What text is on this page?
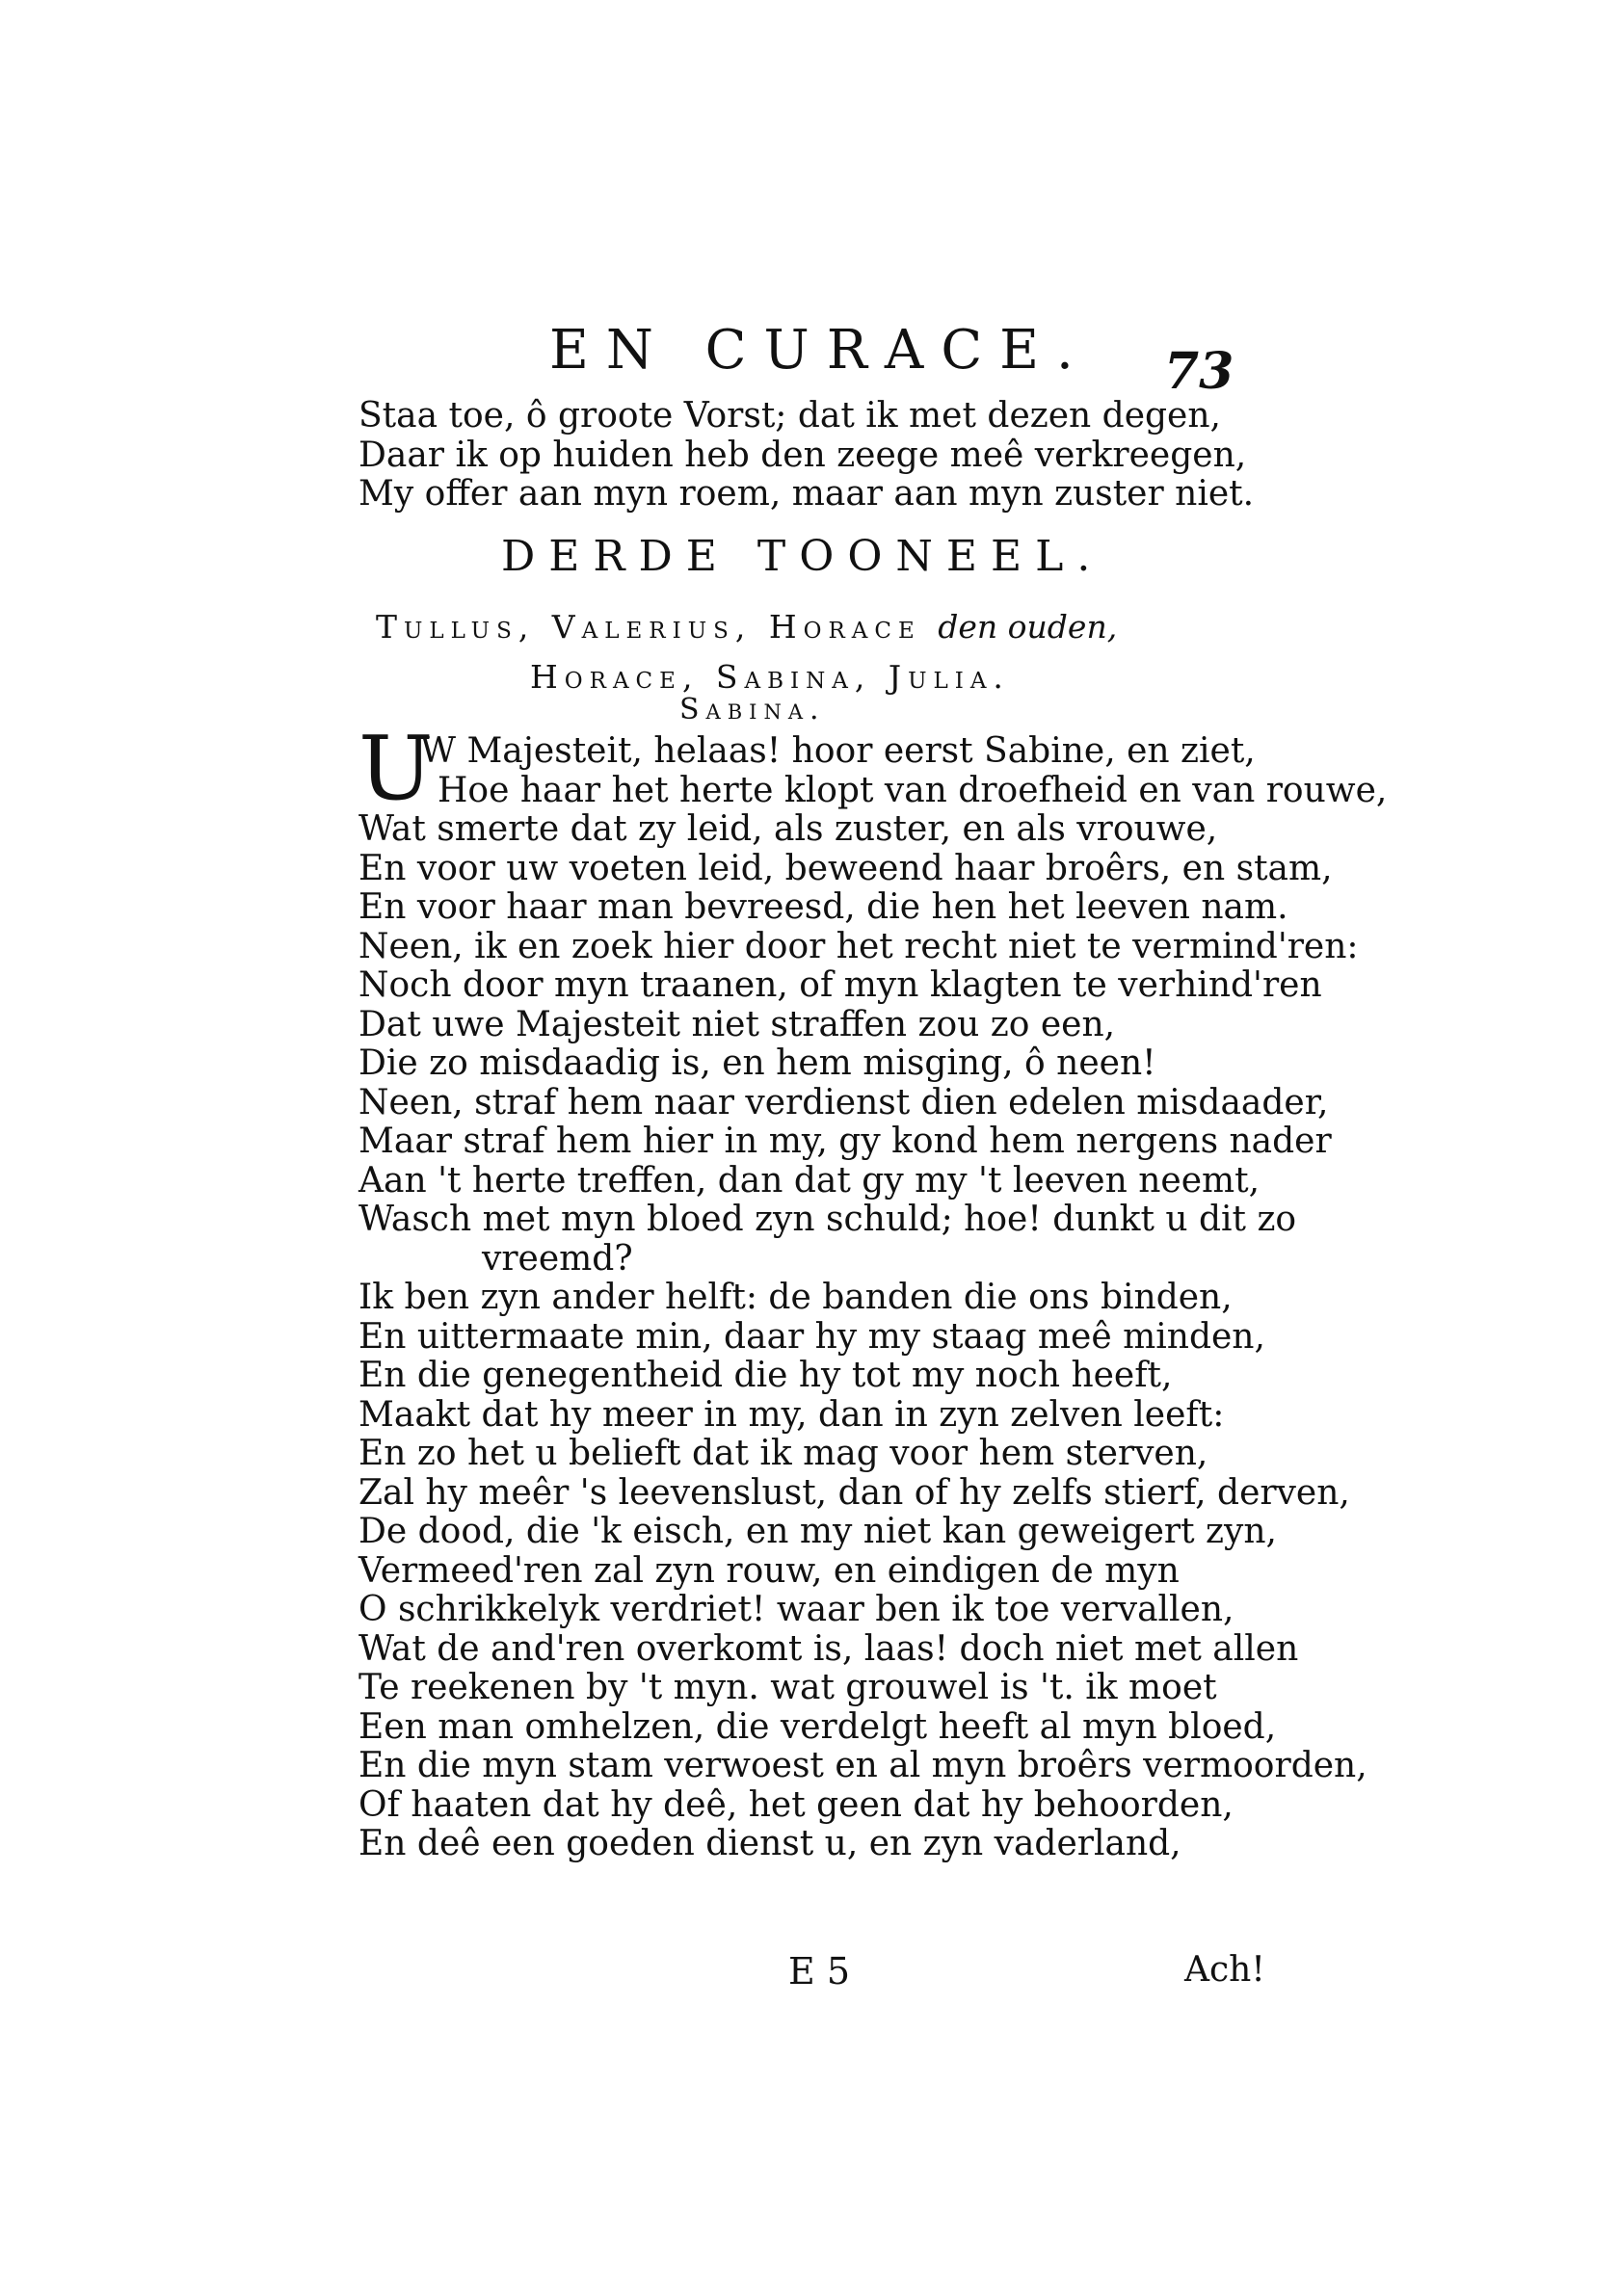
EN CURACE. 73
Staa toe, ô groote Vorst; dat ik met dezen degen,
Daar ik op huiden heb den zeege meê verkreegen,
My offer aan myn roem, maar aan myn zuster niet.
DERDE TOONEEL.
Tullus, Valerius, Horace den ouden,
Horace, Sabina, Julia.
Sabina.
U
W Majesteit, helaas! hoor eerst Sabine, en ziet,
Hoe haar het herte klopt van droefheid en van rouwe,
Wat smerte dat zy leid, als zuster, en als vrouwe,
En voor uw voeten leid, beweend haar broêrs, en stam,
En voor haar man bevreesd, die hen het leeven nam.
Neen, ik en zoek hier door het recht niet te vermind'ren:
Noch door myn traanen, of myn klagten te verhind'ren
Dat uwe Majesteit niet straffen zou zo een,
Die zo misdaadig is, en hem misging, ô neen!
Neen, straf hem naar verdienst dien edelen misdaader,
Maar straf hem hier in my, gy kond hem nergens nader
Aan 't herte treffen, dan dat gy my 't leeven neemt,
Wasch met myn bloed zyn schuld; hoe! dunkt u dit zo
vreemd?
Ik ben zyn ander helft: de banden die ons binden,
En uittermaate min, daar hy my staag meê minden,
En die genegentheid die hy tot my noch heeft,
Maakt dat hy meer in my, dan in zyn zelven leeft:
En zo het u belieft dat ik mag voor hem sterven,
Zal hy meêr 's leevenslust, dan of hy zelfs stierf, derven,
De dood, die 'k eisch, en my niet kan geweigert zyn,
Vermeed'ren zal zyn rouw, en eindigen de myn
O schrikkelyk verdriet! waar ben ik toe vervallen,
Wat de and'ren overkomt is, laas! doch niet met allen
Te reekenen by 't myn. wat grouwel is 't. ik moet
Een man omhelzen, die verdelgt heeft al myn bloed,
En die myn stam verwoest en al myn broêrs vermoorden,
Of haaten dat hy deê, het geen dat hy behoorden,
En deê een goeden dienst u, en zyn vaderland,
E 5	Ach!
